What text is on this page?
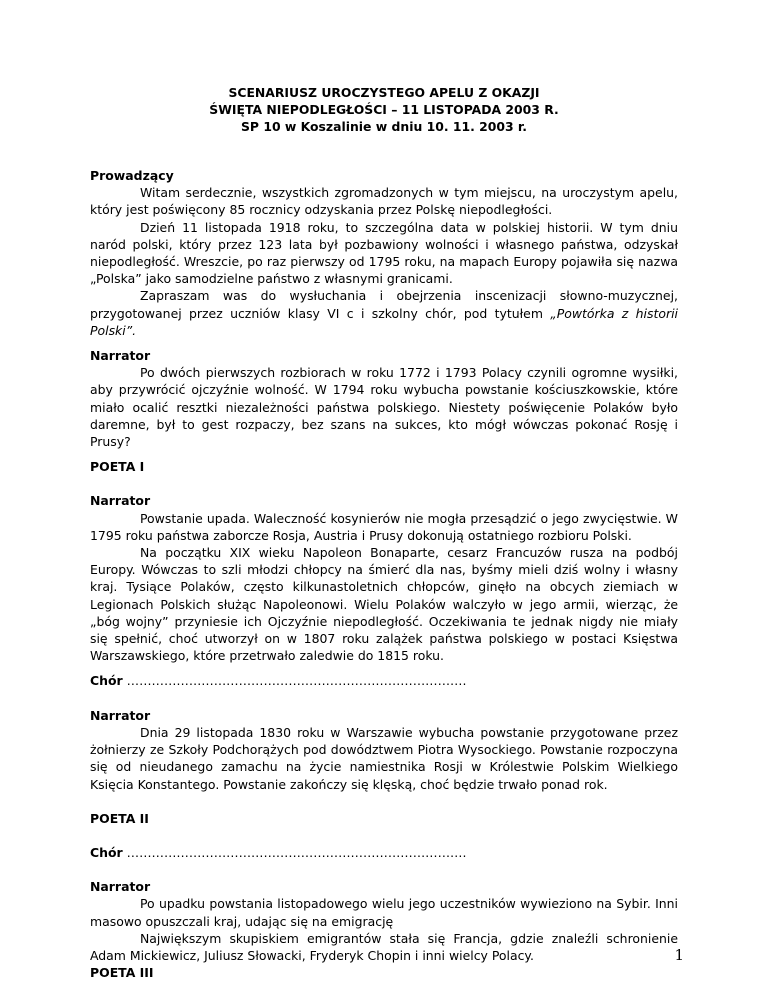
SCENARIUSZ UROCZYSTEGO APELU Z OKAZJI
ŚWIĘTA NIEPODLEGŁOŚCI – 11 LISTOPADA 2003 R.
SP 10 w Koszalinie w dniu 10. 11. 2003 r.
Prowadzący

Witam serdecznie, wszystkich zgromadzonych w tym miejscu, na uroczystym apelu, który jest poświęcony 85 rocznicy odzyskania przez Polskę niepodległości.

Dzień 11 listopada 1918 roku, to szczególna data w polskiej historii. W tym dniu naród polski, który przez 123 lata był pozbawiony wolności i własnego państwa, odzyskał niepodległość. Wreszcie, po raz pierwszy od 1795 roku, na mapach Europy pojawiła się nazwa „Polska” jako samodzielne państwo z własnymi granicami.

Zapraszam was do wysłuchania i obejrzenia inscenizacji słowno-muzycznej, przygotowanej przez uczniów klasy VI c i szkolny chór, pod tytułem „Powtórka z historii Polski”.

Narrator

Po dwóch pierwszych rozbiorach w roku 1772 i 1793 Polacy czynili ogromne wysiłki, aby przywrócić ojczyźnie wolność. W 1794 roku wybucha powstanie kościuszkowskie, które miało ocalić resztki niezależności państwa polskiego. Niestety poświęcenie Polaków było daremne, był to gest rozpaczy, bez szans na sukces, kto mógł wówczas pokonać Rosję i Prusy?

POETA I
Narrator

Powstanie upada. Waleczność kosynierów nie mogła przesądzić o jego zwycięstwie. W 1795 roku państwa zaborcze Rosja, Austria i Prusy dokonują ostatniego rozbioru Polski.

Na początku XIX wieku Napoleon Bonaparte, cesarz Francuzów rusza na podbój Europy. Wówczas to szli młodzi chłopcy na śmierć dla nas, byśmy mieli dziś wolny i własny kraj. Tysiące Polaków, często kilkunastoletnich chłopców, ginęło na obcych ziemiach w Legionach Polskich służąc Napoleonowi. Wielu Polaków walczyło w jego armii, wierząc, że „bóg wojny” przyniesie ich Ojczyźnie niepodległość. Oczekiwania te jednak nigdy nie miały się spełnić, choć utworzył on w 1807 roku zalążek państwa polskiego w postaci Księstwa Warszawskiego, które przetrwało zaledwie do 1815 roku.

Chór ……………………………………………………………………….
Narrator

Dnia 29 listopada 1830 roku w Warszawie wybucha powstanie przygotowane przez żołnierzy ze Szkoły Podchorążych pod dowództwem Piotra Wysockiego. Powstanie rozpoczyna się od nieudanego zamachu na życie namiestnika Rosji w Królestwie Polskim Wielkiego Księcia Konstantego. Powstanie zakończy się klęską, choć będzie trwało ponad rok.

POETA II
Chór ……………………………………………………………………….
Narrator

Po upadku powstania listopadowego wielu jego uczestników wywieziono na Sybir. Inni masowo opuszczali kraj, udając się na emigrację

Największym skupiskiem emigrantów stała się Francja, gdzie znaleźli schronienie Adam Mickiewicz, Juliusz Słowacki, Fryderyk Chopin i inni wielcy Polacy.

POETA III
1
